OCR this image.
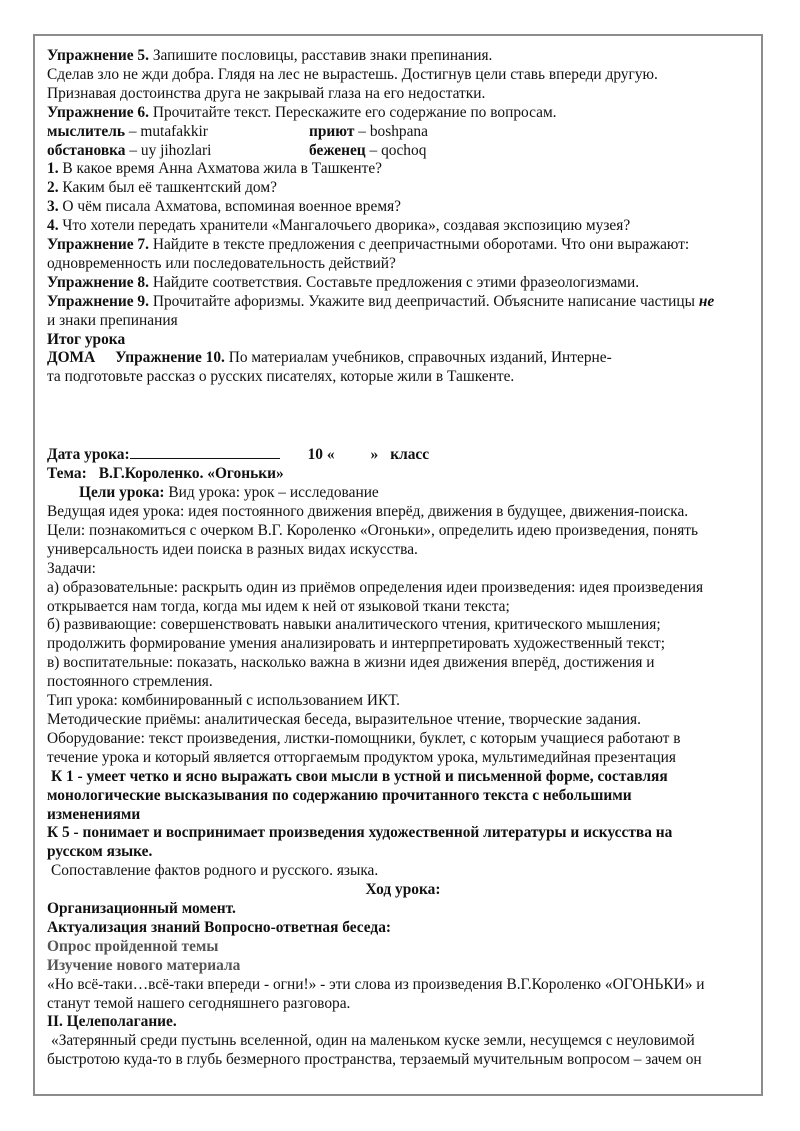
Упражнение 5. Запишите пословицы, расставив знаки препинания.
Сделав зло не жди добра. Глядя на лес не вырастешь. Достигнув цели ставь впереди другую.
Признавая достоинства друга не закрывай глаза на его недостатки.
Упражнение 6. Прочитайте текст. Перескажите его содержание по вопросам.
мыслитель – mutafakkir	приют – boshpana
обстановка – uy jihozlari	беженец – qochoq
1. В какое время Анна Ахматова жила в Ташкенте?
2. Каким был её ташкентский дом?
3. О чём писала Ахматова, вспоминая военное время?
4. Что хотели передать хранители «Мангалочьего дворика», создавая экспозицию музея?
Упражнение 7. Найдите в тексте предложения с деепричастными оборотами. Что они выражают:
одновременность или последовательность действий?
Упражнение 8. Найдите соответствия. Составьте предложения с этими фразеологизмами.
Упражнение 9. Прочитайте афоризмы. Укажите вид деепричастий. Объясните написание частицы не
и знаки препинания
Итог урока
ДОМА Упражнение 10. По материалам учебников, справочных изданий, Интерне-
та подготовьте рассказ о русских писателях, которые жили в Ташкенте.
Дата урока:	10 « » класс
Тема: В.Г.Короленко. «Огоньки»
Цели урока: Вид урока: урок – исследование
Ведущая идея урока: идея постоянного движения вперёд, движения в будущее, движения-поиска.
Цели: познакомиться с очерком В.Г. Короленко «Огоньки», определить идею произведения, понять
универсальность идеи поиска в разных видах искусства.
Задачи:
а) образовательные: раскрыть один из приёмов определения идеи произведения: идея произведения
открывается нам тогда, когда мы идем к ней от языковой ткани текста;
б) развивающие: совершенствовать навыки аналитического чтения, критического мышления;
продолжить формирование умения анализировать и интерпретировать художественный текст;
в) воспитательные: показать, насколько важна в жизни идея движения вперёд, достижения и
постоянного стремления.
Тип урока: комбинированный с использованием ИКТ.
Методические приёмы: аналитическая беседа, выразительное чтение, творческие задания.
Оборудование: текст произведения, листки-помощники, буклет, с которым учащиеся работают в
течение урока и который является отторгаемым продуктом урока, мультимедийная презентация
К 1 - умеет четко и ясно выражать свои мысли в устной и письменной форме, составляя
монологические высказывания по содержанию прочитанного текста с небольшими
изменениями
К 5 - понимает и воспринимает произведения художественной литературы и искусства на
русском языке.
Сопоставление фактов родного и русского. языка.
Ход урока:
Организационный момент.
Актуализация знаний Вопросно-ответная беседа:
Опрос пройденной темы
Изучение нового материала
«Но всё-таки…всё-таки впереди - огни!» - эти слова из произведения В.Г.Короленко «ОГОНЬКИ» и
станут темой нашего сегодняшнего разговора.
II. Целеполагание.
«Затерянный среди пустынь вселенной, один на маленьком куске земли, несущемся с неуловимой
быстротою куда-то в глубь безмерного пространства, терзаемый мучительным вопросом – зачем он
